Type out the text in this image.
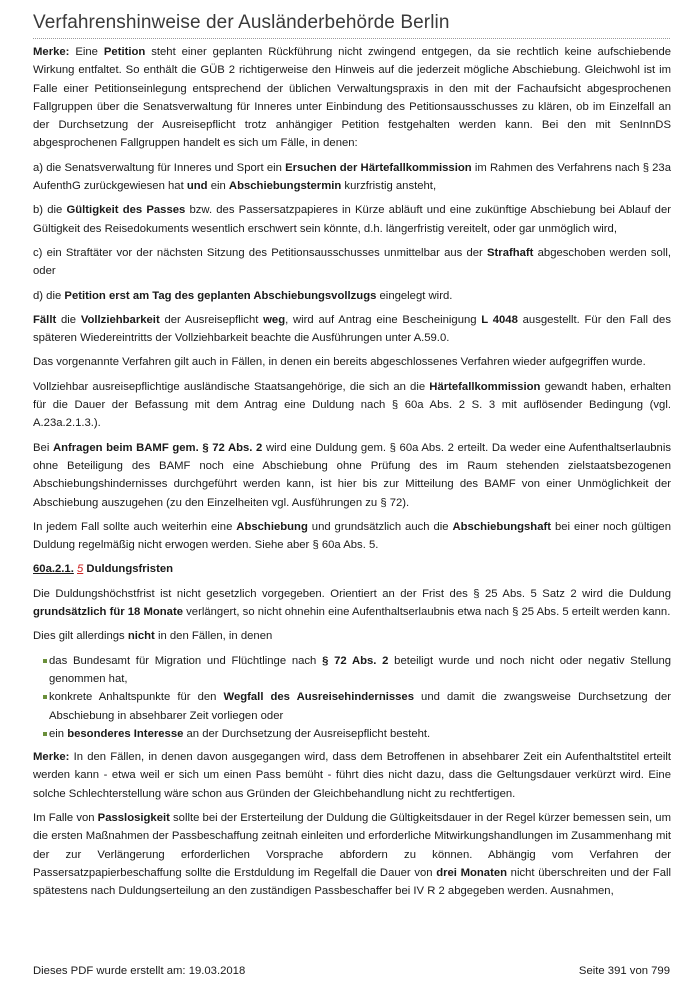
Verfahrenshinweise der Ausländerbehörde Berlin

Merke: Eine Petition steht einer geplanten Rückführung nicht zwingend entgegen, da sie rechtlich keine aufschiebende Wirkung entfaltet. So enthält die GÜB 2 richtigerweise den Hinweis auf die jederzeit mögliche Abschiebung. Gleichwohl ist im Falle einer Petitionseinlegung entsprechend der üblichen Verwaltungspraxis in den mit der Fachaufsicht abgesprochenen Fallgruppen über die Senatsverwaltung für Inneres unter Einbindung des Petitionsausschusses zu klären, ob im Einzelfall an der Durchsetzung der Ausreisepflicht trotz anhängiger Petition festgehalten werden kann. Bei den mit SenInnDS abgesprochenen Fallgruppen handelt es sich um Fälle, in denen:

a) die Senatsverwaltung für Inneres und Sport ein Ersuchen der Härtefallkommission im Rahmen des Verfahrens nach § 23a AufenthG zurückgewiesen hat und ein Abschiebungstermin kurzfristig ansteht,

b) die Gültigkeit des Passes bzw. des Passersatzpapieres in Kürze abläuft und eine zukünftige Abschiebung bei Ablauf der Gültigkeit des Reisedokuments wesentlich erschwert sein könnte, d.h. längerfristig vereitelt, oder gar unmöglich wird,

c) ein Straftäter vor der nächsten Sitzung des Petitionsausschusses unmittelbar aus der Strafhaft abgeschoben werden soll, oder

d) die Petition erst am Tag des geplanten Abschiebungsvollzugs eingelegt wird.

Fällt die Vollziehbarkeit der Ausreisepflicht weg, wird auf Antrag eine Bescheinigung L 4048 ausgestellt. Für den Fall des späteren Wiedereintritts der Vollziehbarkeit beachte die Ausführungen unter A.59.0.

Das vorgenannte Verfahren gilt auch in Fällen, in denen ein bereits abgeschlossenes Verfahren wieder aufgegriffen wurde.

Vollziehbar ausreisepflichtige ausländische Staatsangehörige, die sich an die Härtefallkommission gewandt haben, erhalten für die Dauer der Befassung mit dem Antrag eine Duldung nach § 60a Abs. 2 S. 3 mit auflösender Bedingung (vgl. A.23a.2.1.3.).

Bei Anfragen beim BAMF gem. § 72 Abs. 2 wird eine Duldung gem. § 60a Abs. 2 erteilt. Da weder eine Aufenthaltserlaubnis ohne Beteiligung des BAMF noch eine Abschiebung ohne Prüfung des im Raum stehenden zielstaatsbezogenen Abschiebungshindernisses durchgeführt werden kann, ist hier bis zur Mitteilung des BAMF von einer Unmöglichkeit der Abschiebung auszugehen (zu den Einzelheiten vgl. Ausführungen zu § 72).

In jedem Fall sollte auch weiterhin eine Abschiebung und grundsätzlich auch die Abschiebungshaft bei einer noch gültigen Duldung regelmäßig nicht erwogen werden. Siehe aber § 60a Abs. 5.

60a.2.1. 5 Duldungsfristen

Die Duldungshöchstfrist ist nicht gesetzlich vorgegeben. Orientiert an der Frist des § 25 Abs. 5 Satz 2 wird die Duldung grundsätzlich für 18 Monate verlängert, so nicht ohnehin eine Aufenthaltserlaubnis etwa nach § 25 Abs. 5 erteilt werden kann.

Dies gilt allerdings nicht in den Fällen, in denen

das Bundesamt für Migration und Flüchtlinge nach § 72 Abs. 2 beteiligt wurde und noch nicht oder negativ Stellung genommen hat,
konkrete Anhaltspunkte für den Wegfall des Ausreisehindernisses und damit die zwangsweise Durchsetzung der Abschiebung in absehbarer Zeit vorliegen oder
ein besonderes Interesse an der Durchsetzung der Ausreisepflicht besteht.

Merke: In den Fällen, in denen davon ausgegangen wird, dass dem Betroffenen in absehbarer Zeit ein Aufenthaltstitel erteilt werden kann - etwa weil er sich um einen Pass bemüht - führt dies nicht dazu, dass die Geltungsdauer verkürzt wird. Eine solche Schlechterstellung wäre schon aus Gründen der Gleichbehandlung nicht zu rechtfertigen.

Im Falle von Passlosigkeit sollte bei der Ersterteilung der Duldung die Gültigkeitsdauer in der Regel kürzer bemessen sein, um die ersten Maßnahmen der Passbeschaffung zeitnah einleiten und erforderliche Mitwirkungshandlungen im Zusammenhang mit der zur Verlängerung erforderlichen Vorsprache abfordern zu können. Abhängig vom Verfahren der Passersatzpapierbeschaffung sollte die Erstduldung im Regelfall die Dauer von drei Monaten nicht überschreiten und der Fall spätestens nach Duldungserteilung an den zuständigen Passbeschaffer bei IV R 2 abgegeben werden. Ausnahmen,

Dieses PDF wurde erstellt am: 19.03.2018	Seite 391 von 799
